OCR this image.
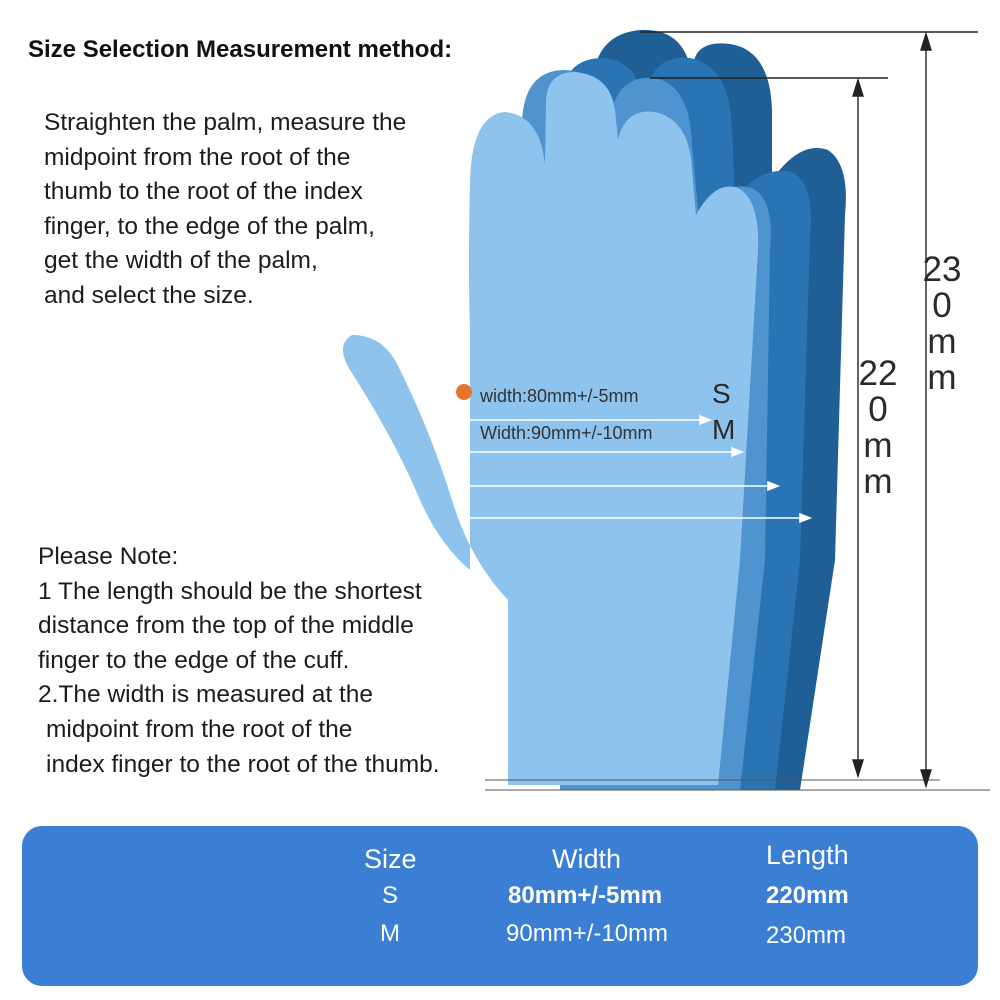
Size Selection Measurement method:
Straighten the palm, measure the
midpoint from the root of the
thumb to the root of the index
finger, to the edge of the palm,
get the width of the palm,
and select the size.
width:80mm+/-5mm	S
Width:90mm+/-10mm M
220mm
230mm
Please Note:
1 The length should be the shortest
distance from the top of the middle
finger to the edge of the cuff.
2.The width is measured at the
midpoint from the root of the
index finger to the root of the thumb.
Size	Width	Length
S	80mm+/-5mm	220mm
M	90mm+/-10mm	230mm
